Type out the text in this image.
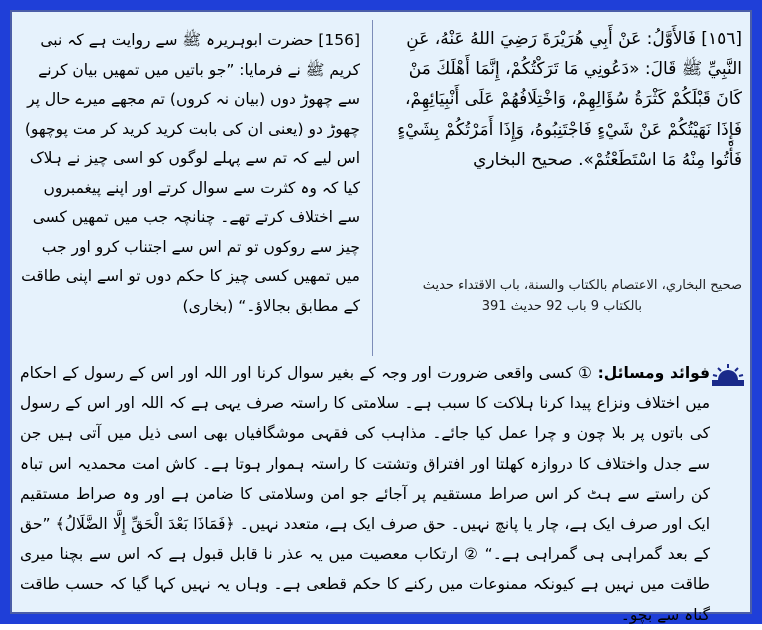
[156] حضرت ابوہریرہ ﷺ سے روایت ہے کہ نبی کریم ﷺ نے فرمایا: ”جو باتیں میں تمھیں بیان کرنے سے چھوڑ دوں (بیان نہ کروں) تم مجھے میرے حال پر چھوڑ دو (یعنی ان کی بابت کرید کرید کر مت پوچھو) اس لیے کہ تم سے پہلے لوگوں کو اسی چیز نے ہلاک کیا کہ وہ کثرت سے سوال کرتے اور اپنے پیغمبروں سے اختلاف کرتے تھے۔ چنانچہ جب میں تمھیں کسی چیز سے روکوں تو تم اس سے اجتناب کرو اور جب میں تمھیں کسی چیز کا حکم دوں تو اسے اپنی طاقت کے مطابق بجالاؤ۔“ (بخاری)
[١٥٦] فَالأَوَّلُ: عَنْ أَبِي هُرَيْرَةَ رَضِيَ اللهُ عَنْهُ، عَنِ النَّبِيِّ ﷺ قَالَ: «دَعُونِي مَا تَرَكْتُكُمْ، إِنَّمَا أَهْلَكَ مَنْ كَانَ قَبْلَكُمْ كَثْرَةُ سُؤَالِهِمْ، وَاخْتِلَافُهُمْ عَلَى أَنْبِيَائِهِمْ، فَإِذَا نَهَيْتُكُمْ عَنْ شَيْءٍ فَاجْتَنِبُوهُ، وَإِذَا أَمَرْتُكُمْ بِشَيْءٍ فَأْتُوا مِنْهُ مَا اسْتَطَعْتُمْ». صحيح البخاري
صحيح البخاري، الاعتصام بالكتاب والسنة، باب الاقتداء حديث
بالكتاب 9 باب 92 حديث 391
فوائد ومسائل: ① کسی واقعی ضرورت اور وجہ کے بغیر سوال کرنا اور اللہ اور اس کے رسول کے احکام میں اختلاف ونزاع پیدا کرنا ہلاکت کا سبب ہے۔ سلامتی کا راستہ صرف یہی ہے کہ اللہ اور اس کے رسول کی باتوں پر بلا چون و چرا عمل کیا جائے۔ مذاہب کی فقہی موشگافیاں بھی اسی ذیل میں آتی ہیں جن سے جدل واختلاف کا دروازہ کھلتا اور افتراق وتشتت کا راستہ ہموار ہوتا ہے۔ کاش امت محمدیہ اس تباہ کن راستے سے ہٹ کر اس صراط مستقیم پر آجائے جو امن وسلامتی کا ضامن ہے اور وہ صراط مستقیم ایک اور صرف ایک ہے، چار یا پانچ نہیں۔ حق صرف ایک ہے، متعدد نہیں۔ ﴿فَمَاذَا بَعْدَ الْحَقِّ إِلَّا الضَّلَالُ﴾ ”حق کے بعد گمراہی ہی گمراہی ہے۔“ ② ارتکاب معصیت میں یہ عذر نا قابل قبول ہے کہ اس سے بچنا میری طاقت میں نہیں ہے کیونکہ ممنوعات میں رکنے کا حکم قطعی ہے۔ وہاں یہ نہیں کہا گیا کہ حسب طاقت گناہ سے بچو۔
